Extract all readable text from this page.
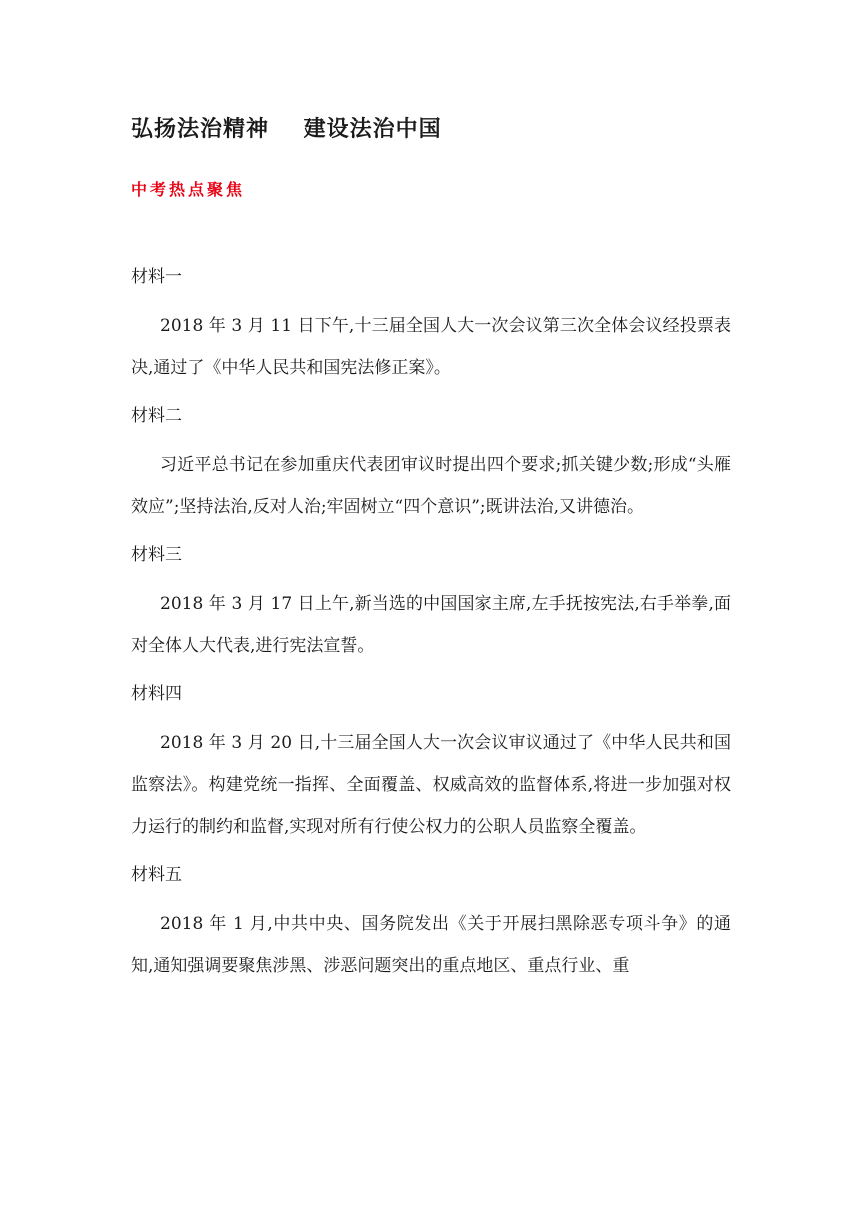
弘扬法治精神    建设法治中国
中考热点聚焦
材料一
2018 年 3 月 11 日下午,十三届全国人大一次会议第三次全体会议经投票表决,通过了《中华人民共和国宪法修正案》。
材料二
习近平总书记在参加重庆代表团审议时提出四个要求;抓关键少数;形成“头雁效应”;坚持法治,反对人治;牢固树立“四个意识”;既讲法治,又讲德治。
材料三
2018 年 3 月 17 日上午,新当选的中国国家主席,左手抚按宪法,右手举拳,面对全体人大代表,进行宪法宣誓。
材料四
2018 年 3 月 20 日,十三届全国人大一次会议审议通过了《中华人民共和国监察法》。构建党统一指挥、全面覆盖、权威高效的监督体系,将进一步加强对权力运行的制约和监督,实现对所有行使公权力的公职人员监察全覆盖。
材料五
2018 年 1 月,中共中央、国务院发出《关于开展扫黑除恶专项斗争》的通知,通知强调要聚焦涉黑、涉恶问题突出的重点地区、重点行业、重
